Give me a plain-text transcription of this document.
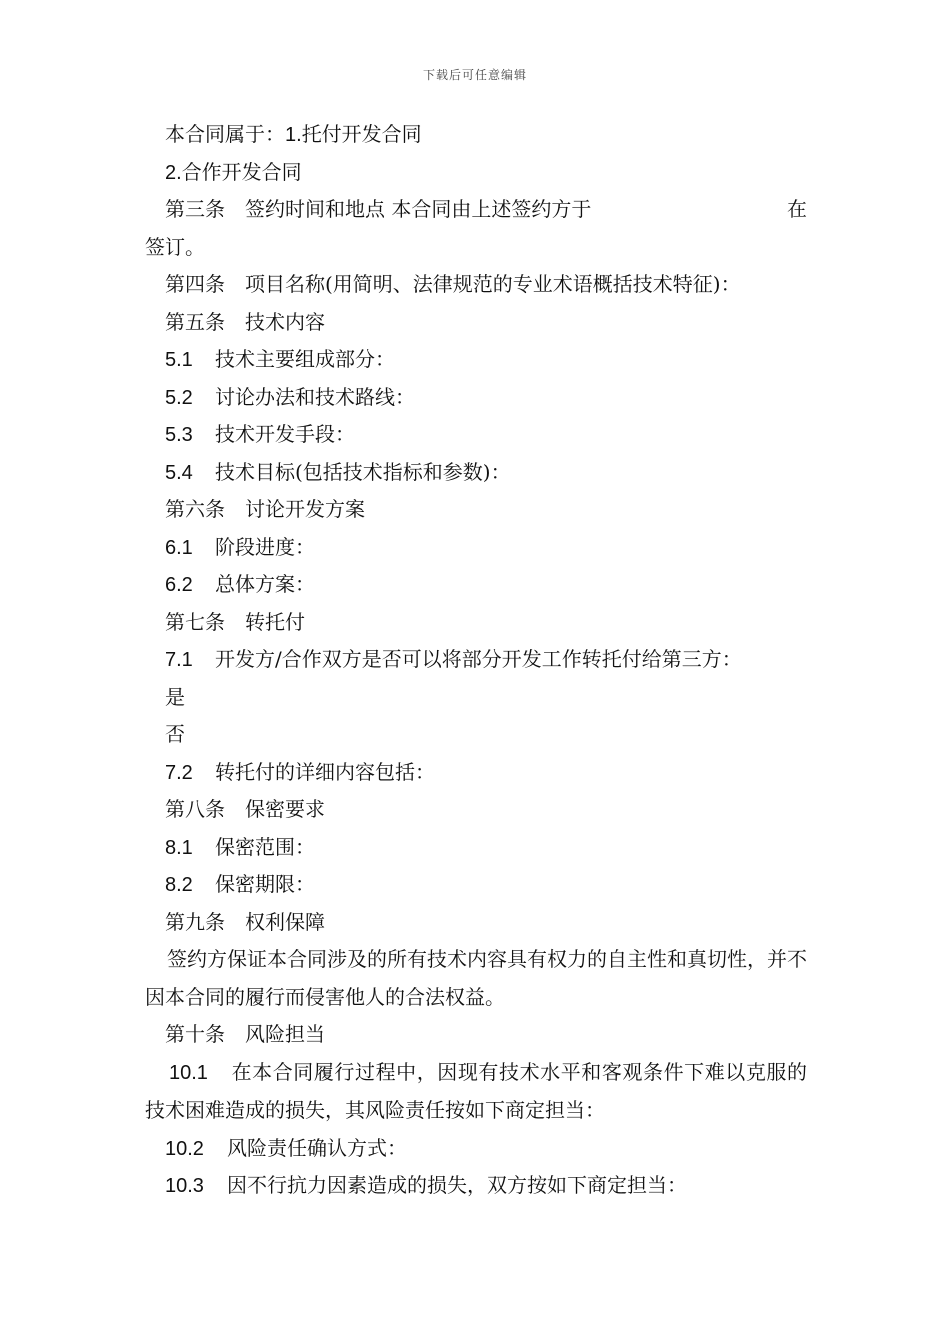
下载后可任意编辑
本合同属于：1.托付开发合同
2.合作开发合同
第三条 签约时间和地点 本合同由上述签约方于	在
签订。
第四条 项目名称(用简明、法律规范的专业术语概括技术特征)：
第五条 技术内容
5.1 技术主要组成部分：
5.2 讨论办法和技术路线：
5.3 技术开发手段：
5.4 技术目标(包括技术指标和参数)：
第六条 讨论开发方案
6.1 阶段进度：
6.2 总体方案：
第七条 转托付
7.1 开发方/合作双方是否可以将部分开发工作转托付给第三方：
是
否
7.2 转托付的详细内容包括：
第八条 保密要求
8.1 保密范围：
8.2 保密期限：
第九条 权利保障
签约方保证本合同涉及的所有技术内容具有权力的自主性和真切性，并不因本合同的履行而侵害他人的合法权益。
第十条 风险担当
10.1 在本合同履行过程中，因现有技术水平和客观条件下难以克服的技术困难造成的损失，其风险责任按如下商定担当：
10.2 风险责任确认方式：
10.3 因不行抗力因素造成的损失，双方按如下商定担当：
